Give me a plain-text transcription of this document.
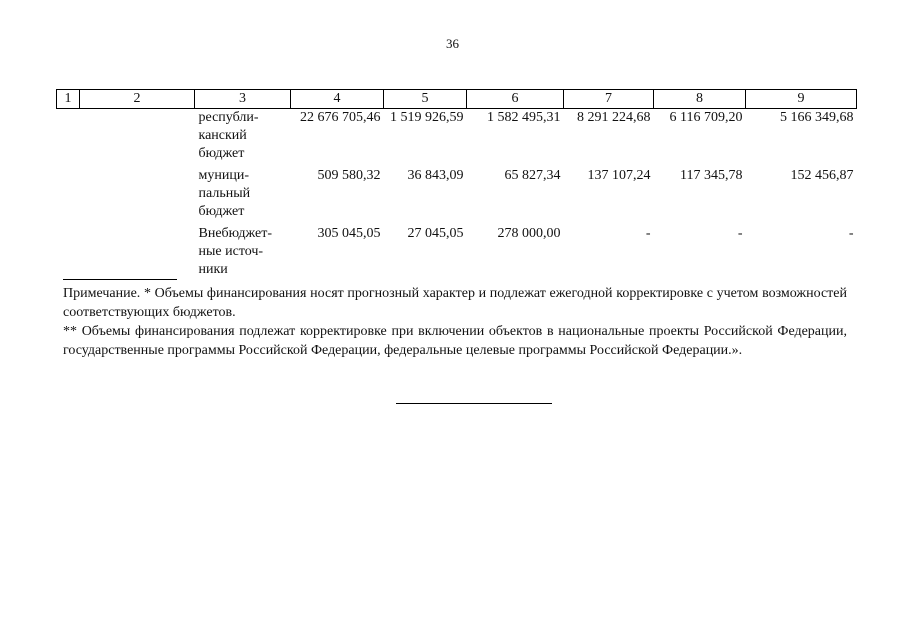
36
1	2	3	4	5	6	7	8	9
		республи-канский бюджет	22 676 705,46	1 519 926,59	1 582 495,31	8 291 224,68	6 116 709,20	5 166 349,68
		муници-пальный бюджет	509 580,32	36 843,09	65 827,34	137 107,24	117 345,78	152 456,87
		Внебюджет-ные источ-ники	305 045,05	27 045,05	278 000,00	-	-	-

Примечание. * Объемы финансирования носят прогнозный характер и подлежат ежегодной корректировке с учетом возможностей соответствующих бюджетов.

** Объемы финансирования подлежат корректировке при включении объектов в национальные проекты Российской Федерации, государственные программы Российской Федерации, федеральные целевые программы Российской Федерации.».
